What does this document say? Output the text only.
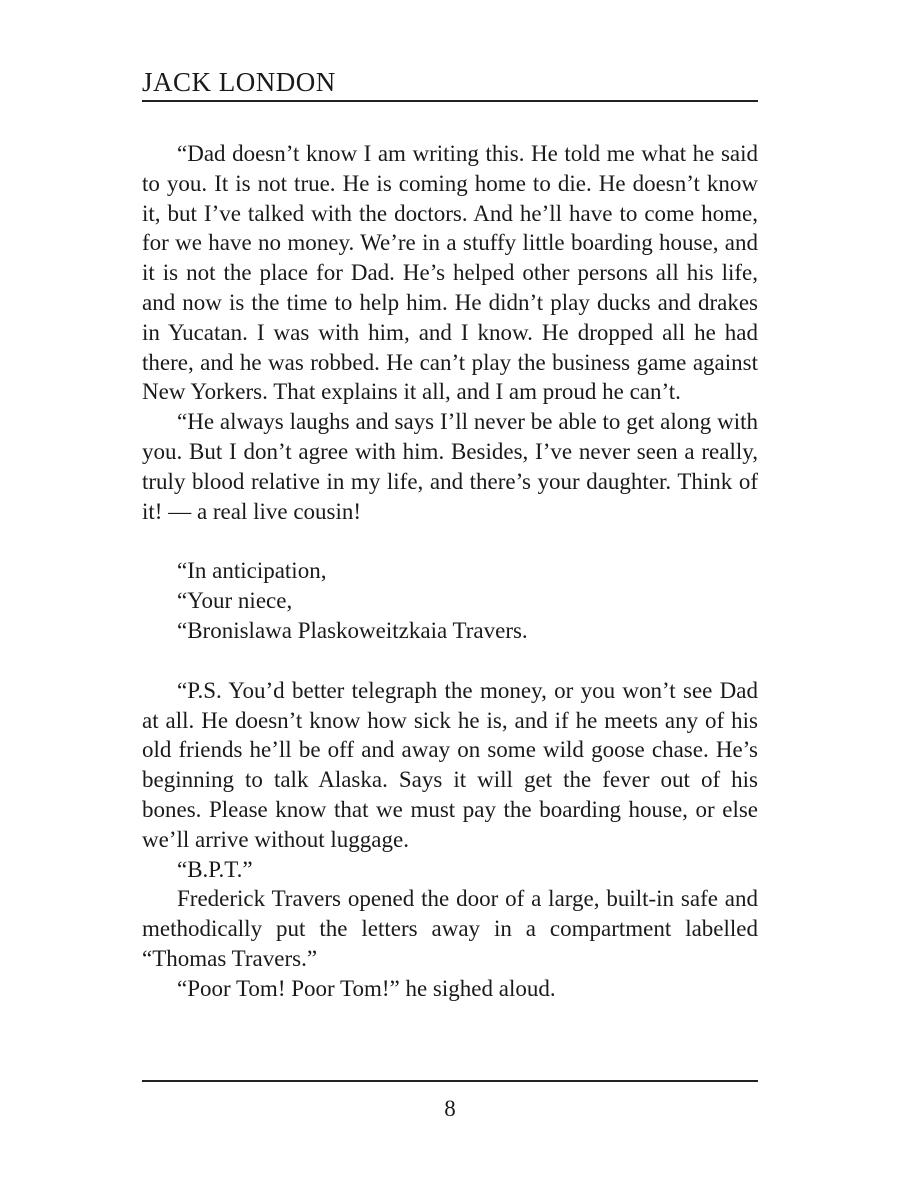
JACK LONDON

“Dad doesn’t know I am writing this. He told me what he said to you. It is not true. He is coming home to die. He doesn’t know it, but I’ve talked with the doctors. And he’ll have to come home, for we have no money. We’re in a stuffy little boarding house, and it is not the place for Dad. He’s helped other persons all his life, and now is the time to help him. He didn’t play ducks and drakes in Yucatan. I was with him, and I know. He dropped all he had there, and he was robbed. He can’t play the business game against New Yorkers. That explains it all, and I am proud he can’t.

“He always laughs and says I’ll never be able to get along with you. But I don’t agree with him. Besides, I’ve never seen a really, truly blood relative in my life, and there’s your daughter. Think of it! — a real live cousin!

“In anticipation,

“Your niece,

“Bronislawa Plaskoweitzkaia Travers.

“P.S. You’d better telegraph the money, or you won’t see Dad at all. He doesn’t know how sick he is, and if he meets any of his old friends he’ll be off and away on some wild goose chase. He’s beginning to talk Alaska. Says it will get the fever out of his bones. Please know that we must pay the boarding house, or else we’ll arrive without luggage.

“B.P.T.”

Frederick Travers opened the door of a large, built-in safe and methodically put the letters away in a compartment labelled “Thomas Travers.”

“Poor Tom! Poor Tom!” he sighed aloud.

8
